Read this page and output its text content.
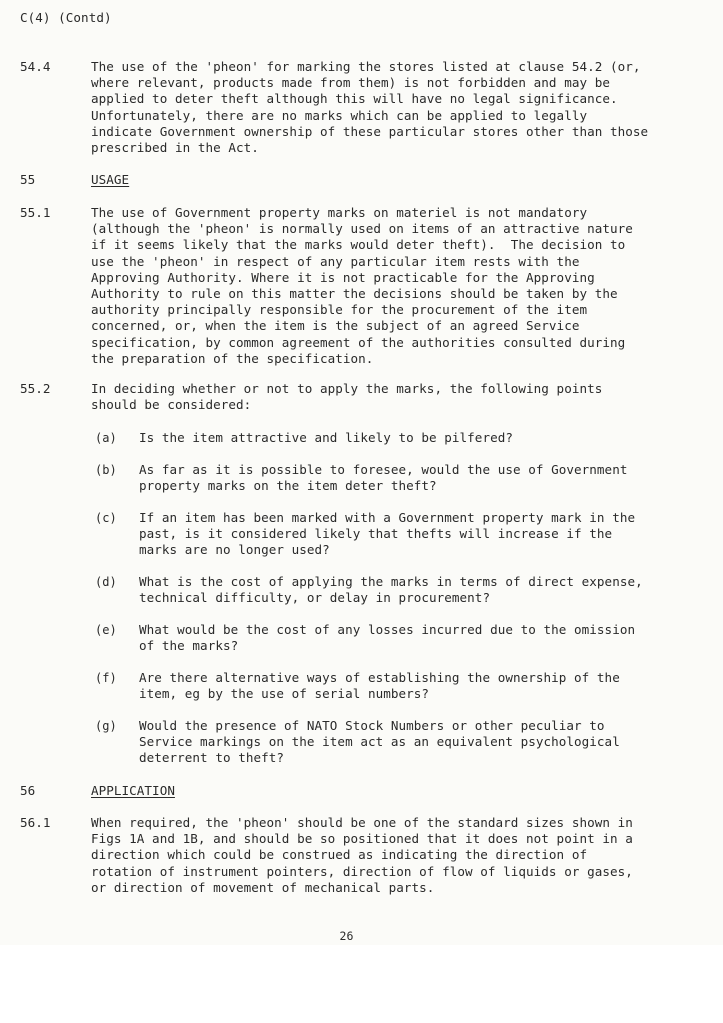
C(4) (Contd)
54.4	The use of the 'pheon' for marking the stores listed at clause 54.2 (or,
where relevant, products made from them) is not forbidden and may be
applied to deter theft although this will have no legal significance.
Unfortunately, there are no marks which can be applied to legally
indicate Government ownership of these particular stores other than those
prescribed in the Act.
55	USAGE
55.1	The use of Government property marks on materiel is not mandatory
(although the 'pheon' is normally used on items of an attractive nature
if it seems likely that the marks would deter theft).  The decision to
use the 'pheon' in respect of any particular item rests with the
Approving Authority. Where it is not practicable for the Approving
Authority to rule on this matter the decisions should be taken by the
authority principally responsible for the procurement of the item
concerned, or, when the item is the subject of an agreed Service
specification, by common agreement of the authorities consulted during
the preparation of the specification.
55.2	In deciding whether or not to apply the marks, the following points
should be considered:
(a) Is the item attractive and likely to be pilfered?
(b) As far as it is possible to foresee, would the use of Government
property marks on the item deter theft?
(c) If an item has been marked with a Government property mark in the
past, is it considered likely that thefts will increase if the
marks are no longer used?
(d) What is the cost of applying the marks in terms of direct expense,
technical difficulty, or delay in procurement?
(e) What would be the cost of any losses incurred due to the omission
of the marks?
(f) Are there alternative ways of establishing the ownership of the
item, eg by the use of serial numbers?
(g) Would the presence of NATO Stock Numbers or other peculiar to
Service markings on the item act as an equivalent psychological
deterrent to theft?
56	APPLICATION
56.1	When required, the 'pheon' should be one of the standard sizes shown in
Figs 1A and 1B, and should be so positioned that it does not point in a
direction which could be construed as indicating the direction of
rotation of instrument pointers, direction of flow of liquids or gases,
or direction of movement of mechanical parts.
26
